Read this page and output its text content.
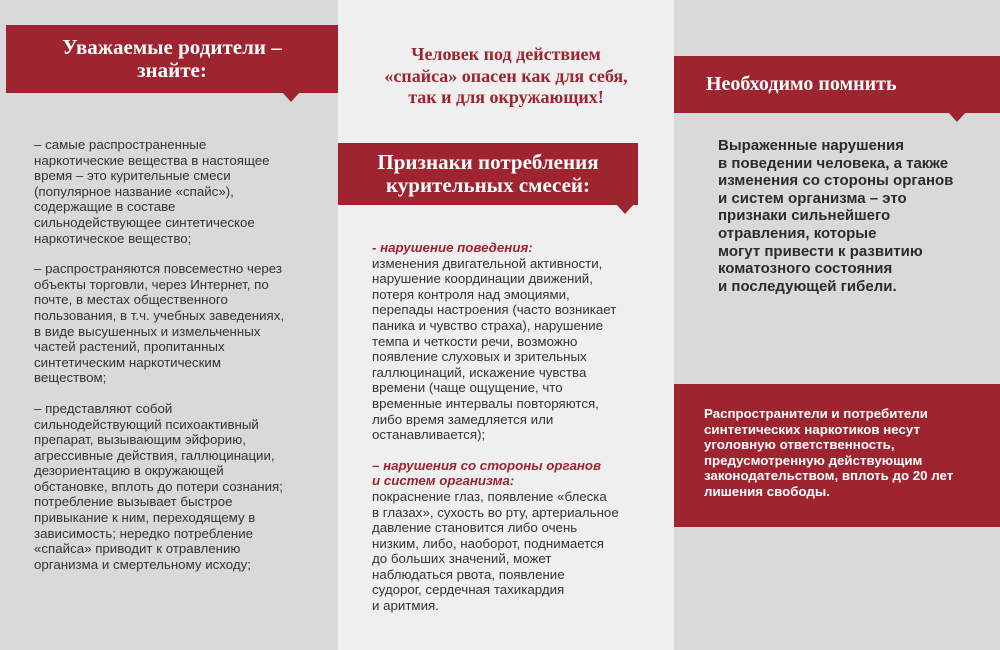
Уважаемые родители –
знайте:

– самые распространенные
наркотические вещества в настоящее
время – это курительные смеси
(популярное название «спайс»),
содержащие в составе
сильнодействующее синтетическое
наркотическое вещество;

– распространяются повсеместно через
объекты торговли, через Интернет, по
почте, в местах общественного
пользования, в т.ч. учебных заведениях,
в виде высушенных и измельченных
частей растений, пропитанных
синтетическим наркотическим
веществом;

– представляют собой
сильнодействующий психоактивный
препарат, вызывающим эйфорию,
агрессивные действия, галлюцинации,
дезориентацию в окружающей
обстановке, вплоть до потери сознания;
потребление вызывает быстрое
привыкание к ним, переходящему в
зависимость; нередко потребление
«спайса» приводит к отравлению
организма и смертельному исходу;

Человек под действием
«спайса» опасен как для себя,
так и для окружающих!
Признаки потребления
курительных смесей:
- нарушение поведения:
изменения двигательной активности,
нарушение координации движений,
потеря контроля над эмоциями,
перепады настроения (часто возникает
паника и чувство страха), нарушение
темпа и четкости речи, возможно
появление слуховых и зрительных
галлюцинаций, искажение чувства
времени (чаще ощущение, что
временные интервалы повторяются,
либо время замедляется или
останавливается);
– нарушения со стороны органов
и систем организма:
покраснение глаз, появление «блеска
в глазах», сухость во рту, артериальное
давление становится либо очень
низким, либо, наоборот, поднимается
до больших значений, может
наблюдаться рвота, появление
судорог, сердечная тахикардия
и аритмия.
Необходимо помнить
Выраженные нарушения
в поведении человека, а также
изменения со стороны органов
и систем организма – это
признаки сильнейшего
отравления, которые
могут привести к развитию
коматозного состояния
и последующей гибели.
Распространители и потребители
синтетических наркотиков несут
уголовную ответственность,
предусмотренную действующим
законодательством, вплоть до 20 лет
лишения свободы.
